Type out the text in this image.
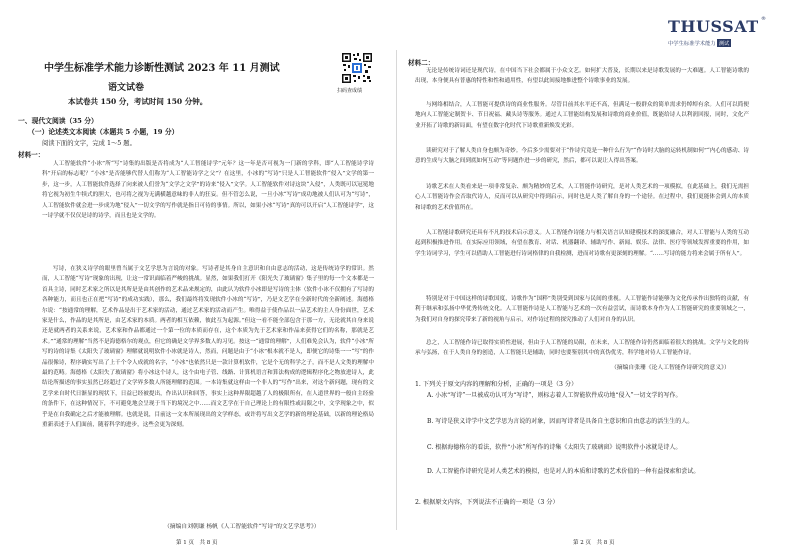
中学生标准学术能力诊断性测试 2023 年 11 月测试
扫码查成绩
语文试卷
本试卷共 150 分，考试时间 150 分钟。
一、现代文阅读（35 分）
（一）论述类文本阅读（本题共 5 小题，19 分）
阅读下面的文字，完成 1～5 题。
材料一：
人工智能软件“小冰”所“写”诗集的出版是否将成为“人工智能诗学”元年？这一年是否可视为一门新的学科，即“人工智能诗学诗科”开启的标志呢？“小冰”是否能够代替人们称为“人工智能诗学之父”？在这里，小冰的“写诗”只是人工智能软件“侵入”文学的第一步，这一步，人工智能软件选择了向来被人们誉为“文学之文学”的诗来“侵入”文学。人工智能软件对诗这块“入侵”，人类既可以冠冕地将它视为初生牛犊式的胆大，也可将之视为无满横越意味的非人的狂妄。但不管怎么说，一旦小冰“写诗”成功地被人们认可为“写诗”，人工智能软件就会进一步成为地“侵入”一切文学的写作就是指日可待的事情。所以，如果小冰“写诗”真的可以开启“人工智能诗学”，这一诗学就不仅仅是诗的诗学，而且也是文学的。
写诗，在狭义诗学的眼里曾当属于文艺学思为言说的对象。写诗者是其身自主意识和自由意志的活动，这是传统诗学的常识。然而，人工智能“写诗”现象的出现，让这一常识面临着严峻的挑战。显然，如果我们打开《阳光失了玻璃窗》集子里的每一个文本都是一首具主诗，同时艺术家之所以是其所是是由其创作的艺术品来规定的，由此认为软件小冰即是写诗的主体（软件小冰不仅拥有了写诗的各种能力，而且也正在把“写诗”的成功实践），那么，我们最终将发现软件小冰的“写诗”，乃是文艺学在全新时代的全新阐述。海德格尔说：“按通常的理解，艺术作品是出于艺术家的活动，通过艺术家的活动而产生。唯得益于使作品以一品艺术的主人身份面世，艺术家是什么，作品的是其所是，由艺术家的本质。两者的相互依赖，彼此互为起源。”但这一看不能全部包含于那一方，无论就其自身来说还是就两者的关系来说，艺术家和作品都通过一个第一位的本质而存在，这个本质为先于艺术家和作品来获得它们的名称，那就是艺术。”“通常的理解”当然不是海德格尔的观点，但它的确是文学界多数人的习见。按这一“通常的理解”，人们难免会认为，软件“小冰”所写的诗的诗集《太阳失了玻璃窗》理解就说明软件小冰就是诗人，然而，问题是由于“小冰”根本就不是人，即便它的诗集一一“写”的作品很像诗，程序确实写出了上千个令人成就的名字，“小冰”也依然只是一款计算机软件，它是个无的科学之子，而不是人文类的理解中最的范畴。海德格《太阳失了玻璃窗》将小冰这个诗人，这个由电子管、线路、计算机语言和算法构成的逻辑程序化之物放进诗人，此结论所描述的事实虽然已经超过了文学界多数人所能理解的范围。一本诗集就这样由一个非人的“写作”出来，对这个新问题，现有的文艺学来自时代日渐显的现状下，日益已经被提出，作出认识和回答，事实上这种界限超越了人的极限所有，在人道世界的一般自主经验的条件下，在这种情况下，不可避免地会呈现于当下的境况之中……而文艺学在于自己理论上的有限性或局限之中，文学现象之中，似乎是在自我确定之后才能被理解。也就是说，目前这一文本所展现出的文学样态，或许将写出文艺学的新的理论基础，以新的理论格局重新表述于人们面前，随着科学的进步，这些会更为深刻。
（摘编自刘朝谦 杨帆《人工智能软件“写诗”的文艺学思考》）
第 1 页　共 8 页
材料二：
无论是传统诗词还是现代诗，在中国当下社会都属于小众文艺。如何扩大普及，长期以来是诗歌发展的一大难题。人工智能诗歌的出现，本身便具有普惠的特性和性和通用性，有望以此间接地推进整个诗歌事业的发展。
与网络相结合，人工智能可提供诗的商业性服务。尽管目前其水平还不高，但满足一般群众的简单需求仍绰绰有余。人们可以简便地向人工智能定制贺卡、节日祝福、藏头诗等服务。通过人工智能结构发展和诗歌的商业价值，既能给诗人以利润回报，同时，文化产业开拓了诗歌的新局面，有望在数字化时代下诗歌重新焕发光彩。
读研究对于了解人类自身也颇为奇妙。今后多少需要对于“作诗究竟是一种什么行为”“作诗时大脑的运转机制如何”“内心的感动、诗意的生成与大脑之间到底如何互动”等问题作进一步的研究，然后，都可以说让人得出答案。
诗歌艺术在人类看来是一项非常复杂、颇为精妙的艺术，人工智能作诗研究，是对人类艺术的一项模拟，在此基础上，我们无需担心人工智能诗作会否取代诗人，反而可以从研究中得到启示，同时也是人类了解自身的一个途径。在过程中，我们更能体会到人的本质和诗歌的艺术价值所在。
人工智能诗歌研究还具有不凡的技术启示意义。人工智能作诗能力与相关语言认知建模技术的深度融合，对人工智能与人类的互动起到积极推进作用。在实际应用领域，有望在教育、对话、机器翻译、辅助写作、新闻、娱乐、法律、医疗等领域发挥重要的作用，如学生诗词学习，学生可以借助人工智能进行诗词格律的自我检测，进而对诗歌有更深刻的理解。“……写诗的能力将来会属于所有人”。
特别是对于中国这样的诗歌国度，诗歌作为“国粹”类别受到国家与民间的重视。人工智能作诗能够为文化传承作出独特的贡献，有利于继承和弘扬中华优秀传统文化。人工智能作诗是人工智能与艺术的一次有益尝试，而诗歌本身作为人工智能研究的重要领域之一，为我们对自身的探究带来了新的视角与启示，对作诗过程的探究推动了人们对自身的认识。
总之，人工智能作诗已取得实质性进展，但由于人工智能的局限，在未来，人工智能作诗仍然面临着很大的挑战。文学与文化的传承与弘扬，在于人类自身的创造，人工智能只是辅助，同时也要鉴别其中的真伪优劣，科学地对待人工智能作诗。
（摘编自张珊《论人工智能作诗研究的意义》）
1. 下列关于原文内容的理解和分析，正确的一项是（3 分）
A. 小冰“写诗”一旦被成功认可为“写诗”，则标志着人工智能软件成功地“侵入”一切文学的写作。
B. 写诗是狭义诗学中文艺学思为言说的对象，因而写诗者是具备自主意识和自由意志的活生生的人。
C. 根据海德格尔的看法，软件“小冰”所写作的诗集《太阳失了玻璃窗》说明软件小冰就是诗人。
D. 人工智能作诗研究是对人类艺术的模拟，也是对人的本质和诗歌的艺术价值的一种有益探索和尝试。
2. 根据原文内容，下列说法不正确的一项是（3 分）
第 2 页　共 8 页
THUSSAT ®
中学生标准学术能力 测试
